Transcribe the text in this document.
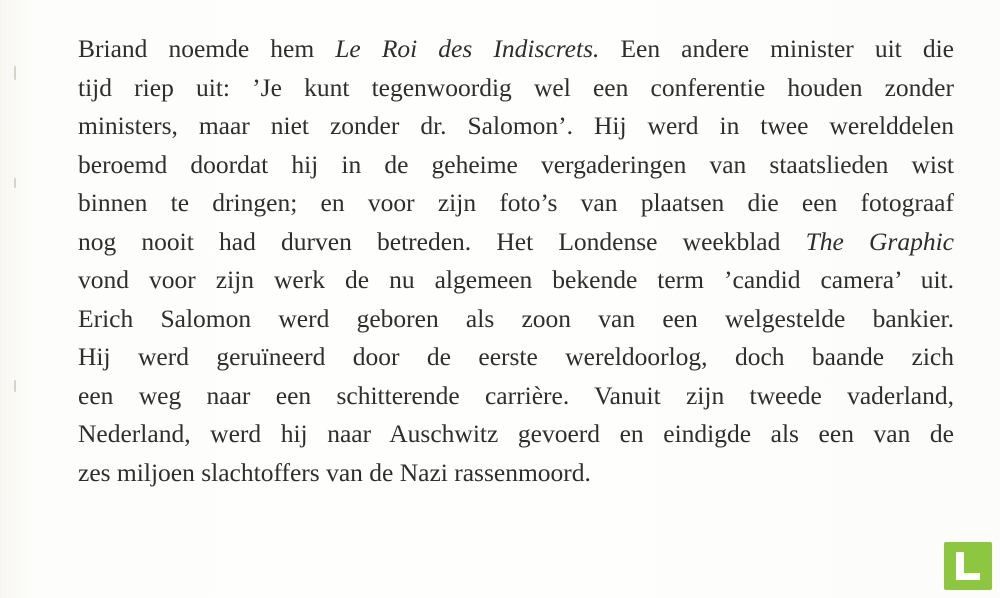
Briand noemde hem Le Roi des Indiscrets. Een andere minister uit die
tijd riep uit: ’Je kunt tegenwoordig wel een conferentie houden zonder
ministers, maar niet zonder dr. Salomon’. Hij werd in twee werelddelen
beroemd doordat hij in de geheime vergaderingen van staatslieden wist
binnen te dringen; en voor zijn foto’s van plaatsen die een fotograaf
nog nooit had durven betreden. Het Londense weekblad The Graphic
vond voor zijn werk de nu algemeen bekende term ’candid camera’ uit.
Erich Salomon werd geboren als zoon van een welgestelde bankier.
Hij werd geruïneerd door de eerste wereldoorlog, doch baande zich
een weg naar een schitterende carrière. Vanuit zijn tweede vaderland,
Nederland, werd hij naar Auschwitz gevoerd en eindigde als een van de
zes miljoen slachtoffers van de Nazi rassenmoord.
